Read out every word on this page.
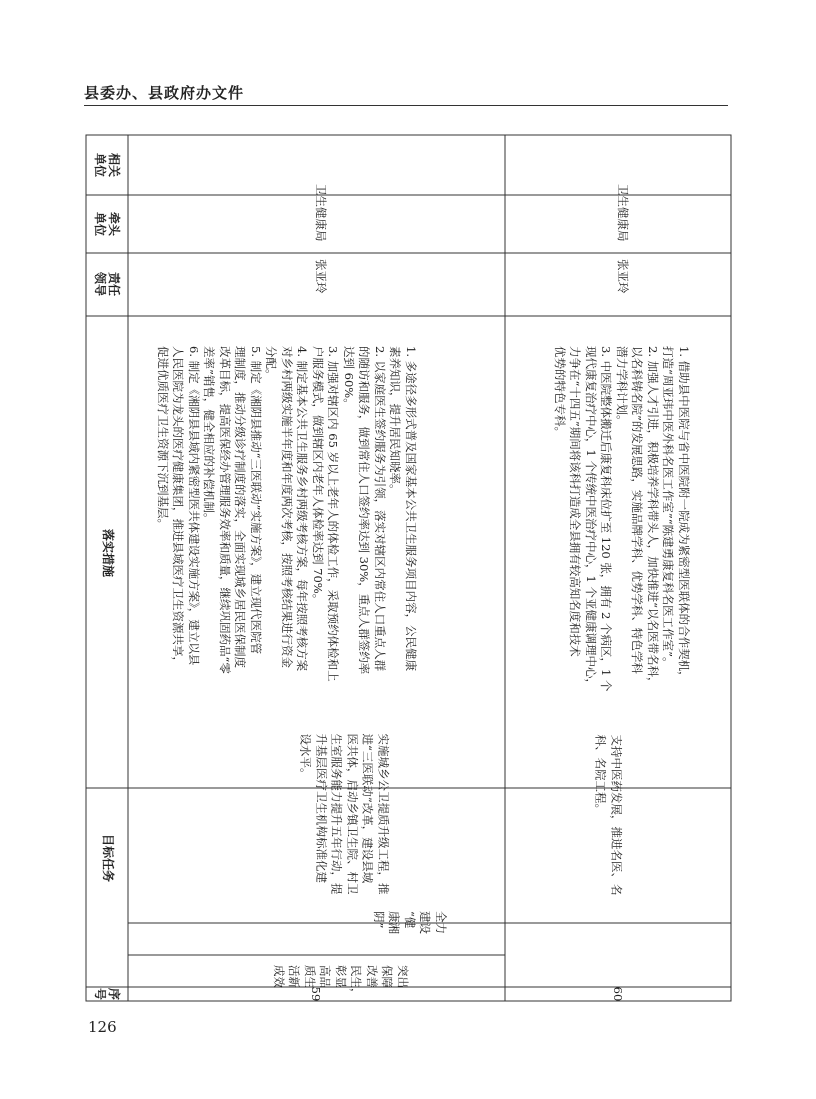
县委办、县政府办文件
相关
单位
牵头
单位
责任
领导
落实措施
目标任务
序
号
突出
保障
改善
民生，
彰显
高品
质生
活新
成效
全力
建设
“健
康湘
阴”
59
实施城乡公卫提质升级工程，推
进“三医联动”改革，建设县域
医共体，启动乡镇卫生院、村卫
生室服务能力提升五年行动，提
升基层医疗卫生机构标准化建
设水平。
1. 多途径多形式普及国家基本公共卫生服务项目内容，公民健康
素养知识，提升居民知晓率。
2. 以家庭医生签约服务为引领，落实对辖区内常住人口重点人群
的随访和服务，做到常住人口签约率达到 30%，重点人群签约率
达到 60%。
3. 加强对辖区内 65 岁以上老年人的体检工作，采取预约体检和上
户服务模式，做到辖区内老年人体检率达到 70%。
4. 制定基本公共卫生服务乡村两级考核方案，每年按照考核方案
对乡村两级实施半年度和年度两次考核，按照考核结果进行资金
分配。
5. 制定《湘阴县推动“三医联动”实施方案》，建立现代医院管
理制度，推动分级诊疗制度的落实，全面实现城乡居民医保制度
改革目标，提高医保经办管理服务效率和质量，继续巩固药品“零
差率”销售，健全相应的补偿机制。
6. 制定《湘阴县县域内紧密型医共体建设实施方案》，建立以县
人民医院为龙头的医疗健康集团，推进县域医疗卫生资源共享，
促进优质医疗卫生资源下沉到基层。
张亚玲
卫生健康局
60
支持中医药发展，推进名医、名
科、名院工程。
1. 借助县中医院与省中医院附一院成为紧密型医联体的合作契机，
打造“周亚玮中医外科名医工作室”“陈建勇康复科名医工作室”。
2. 加强人才引进，积极培养学科带头人，加快推进“以名医带名科，
以名科铸名院”的发展思路，实施品牌学科、优势学科、特色学科
潜力学科计划。
3. 中医院整体搬迁后康复科床位扩至 120 张，拥有 2 个病区，1 个
现代康复治疗中心，1 个传统中医治疗中心，1 个亚健康调理中心，
力争在“十四五”期间将该科打造成全县拥有较高知名度和技术
优势的特色专科。
张亚玲
卫生健康局
126
